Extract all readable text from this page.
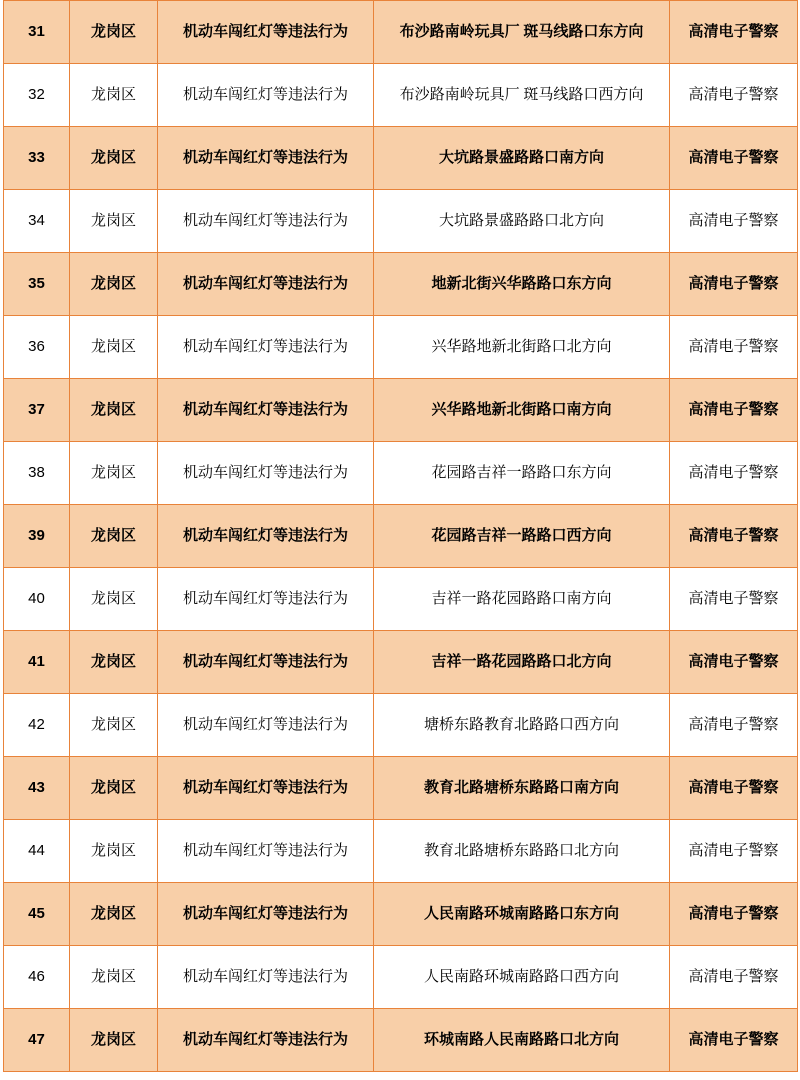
31	龙岗区	机动车闯红灯等违法行为	布沙路南岭玩具厂 斑马线路口东方向	高清电子警察
32	龙岗区	机动车闯红灯等违法行为	布沙路南岭玩具厂 斑马线路口西方向	高清电子警察
33	龙岗区	机动车闯红灯等违法行为	大坑路景盛路路口南方向	高清电子警察
34	龙岗区	机动车闯红灯等违法行为	大坑路景盛路路口北方向	高清电子警察
35	龙岗区	机动车闯红灯等违法行为	地新北街兴华路路口东方向	高清电子警察
36	龙岗区	机动车闯红灯等违法行为	兴华路地新北街路口北方向	高清电子警察
37	龙岗区	机动车闯红灯等违法行为	兴华路地新北街路口南方向	高清电子警察
38	龙岗区	机动车闯红灯等违法行为	花园路吉祥一路路口东方向	高清电子警察
39	龙岗区	机动车闯红灯等违法行为	花园路吉祥一路路口西方向	高清电子警察
40	龙岗区	机动车闯红灯等违法行为	吉祥一路花园路路口南方向	高清电子警察
41	龙岗区	机动车闯红灯等违法行为	吉祥一路花园路路口北方向	高清电子警察
42	龙岗区	机动车闯红灯等违法行为	塘桥东路教育北路路口西方向	高清电子警察
43	龙岗区	机动车闯红灯等违法行为	教育北路塘桥东路路口南方向	高清电子警察
44	龙岗区	机动车闯红灯等违法行为	教育北路塘桥东路路口北方向	高清电子警察
45	龙岗区	机动车闯红灯等违法行为	人民南路环城南路路口东方向	高清电子警察
46	龙岗区	机动车闯红灯等违法行为	人民南路环城南路路口西方向	高清电子警察
47	龙岗区	机动车闯红灯等违法行为	环城南路人民南路路口北方向	高清电子警察
